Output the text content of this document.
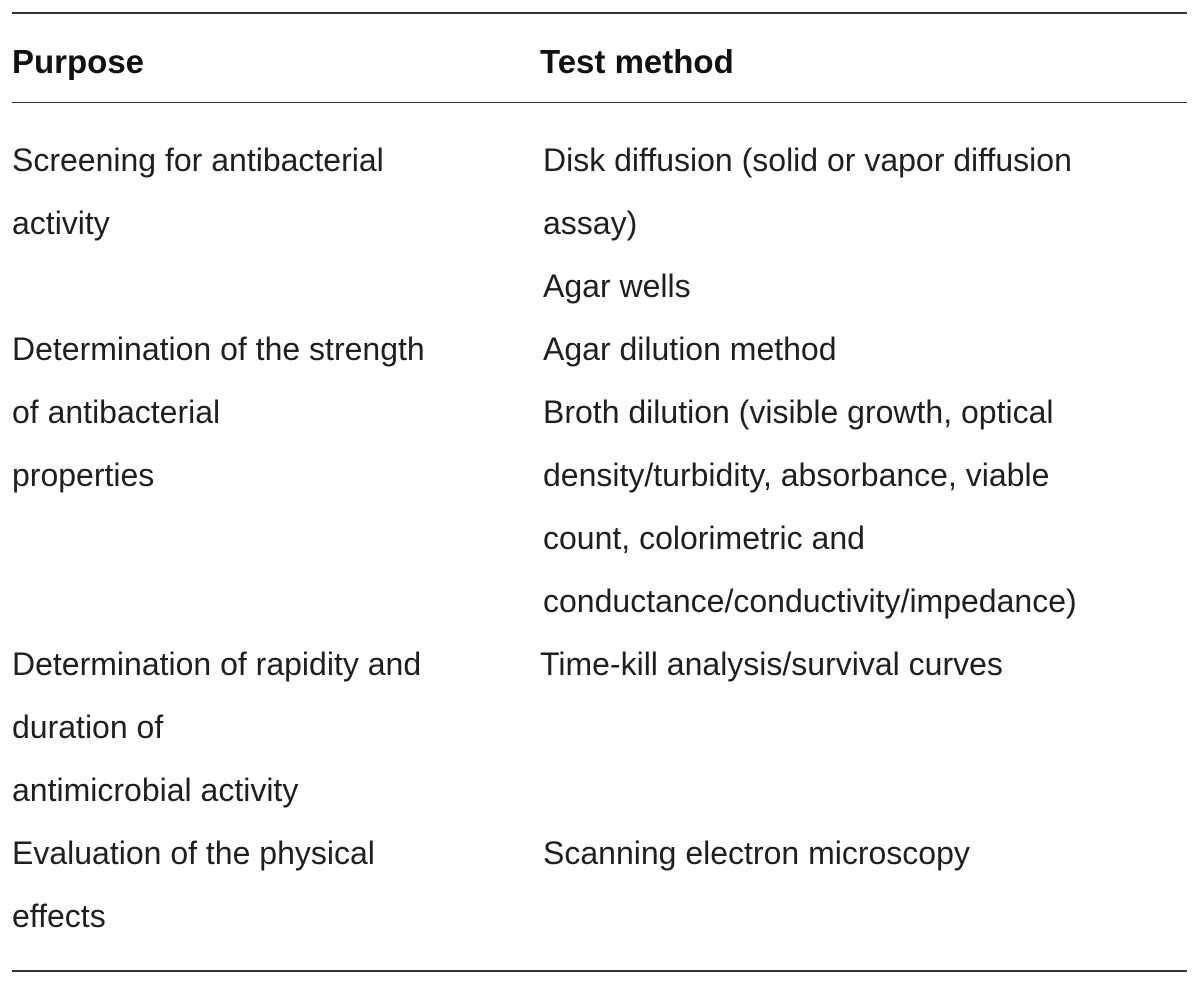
Purpose	Test method
Screening for antibacterial
activity
Disk diffusion (solid or vapor diffusion
assay)
Agar wells
Determination of the strength
of antibacterial
properties
Agar dilution method
Broth dilution (visible growth, optical
density/turbidity, absorbance, viable
count, colorimetric and
conductance/conductivity/impedance)
Determination of rapidity and
duration of
antimicrobial activity
Time-kill analysis/survival curves
Evaluation of the physical
effects
Scanning electron microscopy
